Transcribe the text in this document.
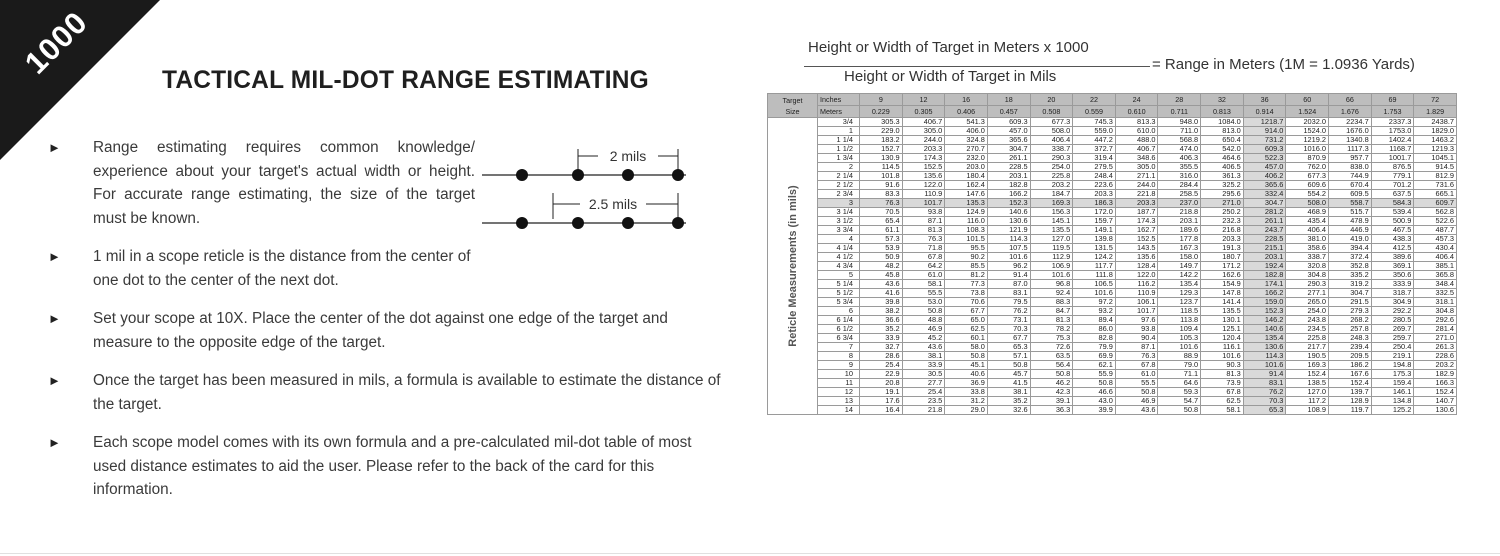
1000	TACTICAL MIL-DOT RANGE ESTIMATING
► Range estimating requires common knowledge/ experience about your target's actual width or height. For accurate range estimating, the size of the target must be known.

► 1 mil in a scope reticle is the distance from the center of one dot to the center of the next dot.

► Set your scope at 10X. Place the center of the dot against one edge of the target and measure to the opposite edge of the target.

► Once the target has been measured in mils, a formula is available to estimate the distance of the target.

► Each scope model comes with its own formula and a pre-calculated mil-dot table of most used distance estimates to aid the user. Please refer to the back of the card for this information.

2 mils
2.5 mils
Height or Width of Target in Meters x 1000
Height or Width of Target in Mils
= Range in Meters (1M = 1.0936 Yards)
Target
Size	Inches	9	12	16	18	20	22	24	28	32	36	60	66	69	72
	Meters	0.229	0.305	0.406	0.457	0.508	0.559	0.610	0.711	0.813	0.914	1.524	1.676	1.753	1.829

Reticle Measurements (in mils)	3/4	305.3	406.7	541.3	609.3	677.3	745.3	813.3	948.0	1084.0	1218.7	2032.0	2234.7	2337.3	2438.7
	1	229.0	305.0	406.0	457.0	508.0	559.0	610.0	711.0	813.0	914.0	1524.0	1676.0	1753.0	1829.0
	1 1/4	183.2	244.0	324.8	365.6	406.4	447.2	488.0	568.8	650.4	731.2	1219.2	1340.8	1402.4	1463.2
	1 1/2	152.7	203.3	270.7	304.7	338.7	372.7	406.7	474.0	542.0	609.3	1016.0	1117.3	1168.7	1219.3
	1 3/4	130.9	174.3	232.0	261.1	290.3	319.4	348.6	406.3	464.6	522.3	870.9	957.7	1001.7	1045.1
	2	114.5	152.5	203.0	228.5	254.0	279.5	305.0	355.5	406.5	457.0	762.0	838.0	876.5	914.5
	2 1/4	101.8	135.6	180.4	203.1	225.8	248.4	271.1	316.0	361.3	406.2	677.3	744.9	779.1	812.9
	2 1/2	91.6	122.0	162.4	182.8	203.2	223.6	244.0	284.4	325.2	365.6	609.6	670.4	701.2	731.6
	2 3/4	83.3	110.9	147.6	166.2	184.7	203.3	221.8	258.5	295.6	332.4	554.2	609.5	637.5	665.1
	3	76.3	101.7	135.3	152.3	169.3	186.3	203.3	237.0	271.0	304.7	508.0	558.7	584.3	609.7
	3 1/4	70.5	93.8	124.9	140.6	156.3	172.0	187.7	218.8	250.2	281.2	468.9	515.7	539.4	562.8
	3 1/2	65.4	87.1	116.0	130.6	145.1	159.7	174.3	203.1	232.3	261.1	435.4	478.9	500.9	522.6
	3 3/4	61.1	81.3	108.3	121.9	135.5	149.1	162.7	189.6	216.8	243.7	406.4	446.9	467.5	487.7
	4	57.3	76.3	101.5	114.3	127.0	139.8	152.5	177.8	203.3	228.5	381.0	419.0	438.3	457.3
	4 1/4	53.9	71.8	95.5	107.5	119.5	131.5	143.5	167.3	191.3	215.1	358.6	394.4	412.5	430.4
	4 1/2	50.9	67.8	90.2	101.6	112.9	124.2	135.6	158.0	180.7	203.1	338.7	372.4	389.6	406.4
	4 3/4	48.2	64.2	85.5	96.2	106.9	117.7	128.4	149.7	171.2	192.4	320.8	352.8	369.1	385.1
	5	45.8	61.0	81.2	91.4	101.6	111.8	122.0	142.2	162.6	182.8	304.8	335.2	350.6	365.8
	5 1/4	43.6	58.1	77.3	87.0	96.8	106.5	116.2	135.4	154.9	174.1	290.3	319.2	333.9	348.4
	5 1/2	41.6	55.5	73.8	83.1	92.4	101.6	110.9	129.3	147.8	166.2	277.1	304.7	318.7	332.5
	5 3/4	39.8	53.0	70.6	79.5	88.3	97.2	106.1	123.7	141.4	159.0	265.0	291.5	304.9	318.1
	6	38.2	50.8	67.7	76.2	84.7	93.2	101.7	118.5	135.5	152.3	254.0	279.3	292.2	304.8
	6 1/4	36.6	48.8	65.0	73.1	81.3	89.4	97.6	113.8	130.1	146.2	243.8	268.2	280.5	292.6
	6 1/2	35.2	46.9	62.5	70.3	78.2	86.0	93.8	109.4	125.1	140.6	234.5	257.8	269.7	281.4
	6 3/4	33.9	45.2	60.1	67.7	75.3	82.8	90.4	105.3	120.4	135.4	225.8	248.3	259.7	271.0
	7	32.7	43.6	58.0	65.3	72.6	79.9	87.1	101.6	116.1	130.6	217.7	239.4	250.4	261.3
	8	28.6	38.1	50.8	57.1	63.5	69.9	76.3	88.9	101.6	114.3	190.5	209.5	219.1	228.6
	9	25.4	33.9	45.1	50.8	56.4	62.1	67.8	79.0	90.3	101.6	169.3	186.2	194.8	203.2
	10	22.9	30.5	40.6	45.7	50.8	55.9	61.0	71.1	81.3	91.4	152.4	167.6	175.3	182.9
	11	20.8	27.7	36.9	41.5	46.2	50.8	55.5	64.6	73.9	83.1	138.5	152.4	159.4	166.3
	12	19.1	25.4	33.8	38.1	42.3	46.6	50.8	59.3	67.8	76.2	127.0	139.7	146.1	152.4
	13	17.6	23.5	31.2	35.2	39.1	43.0	46.9	54.7	62.5	70.3	117.2	128.9	134.8	140.7
	14	16.4	21.8	29.0	32.6	36.3	39.9	43.6	50.8	58.1	65.3	108.9	119.7	125.2	130.6
